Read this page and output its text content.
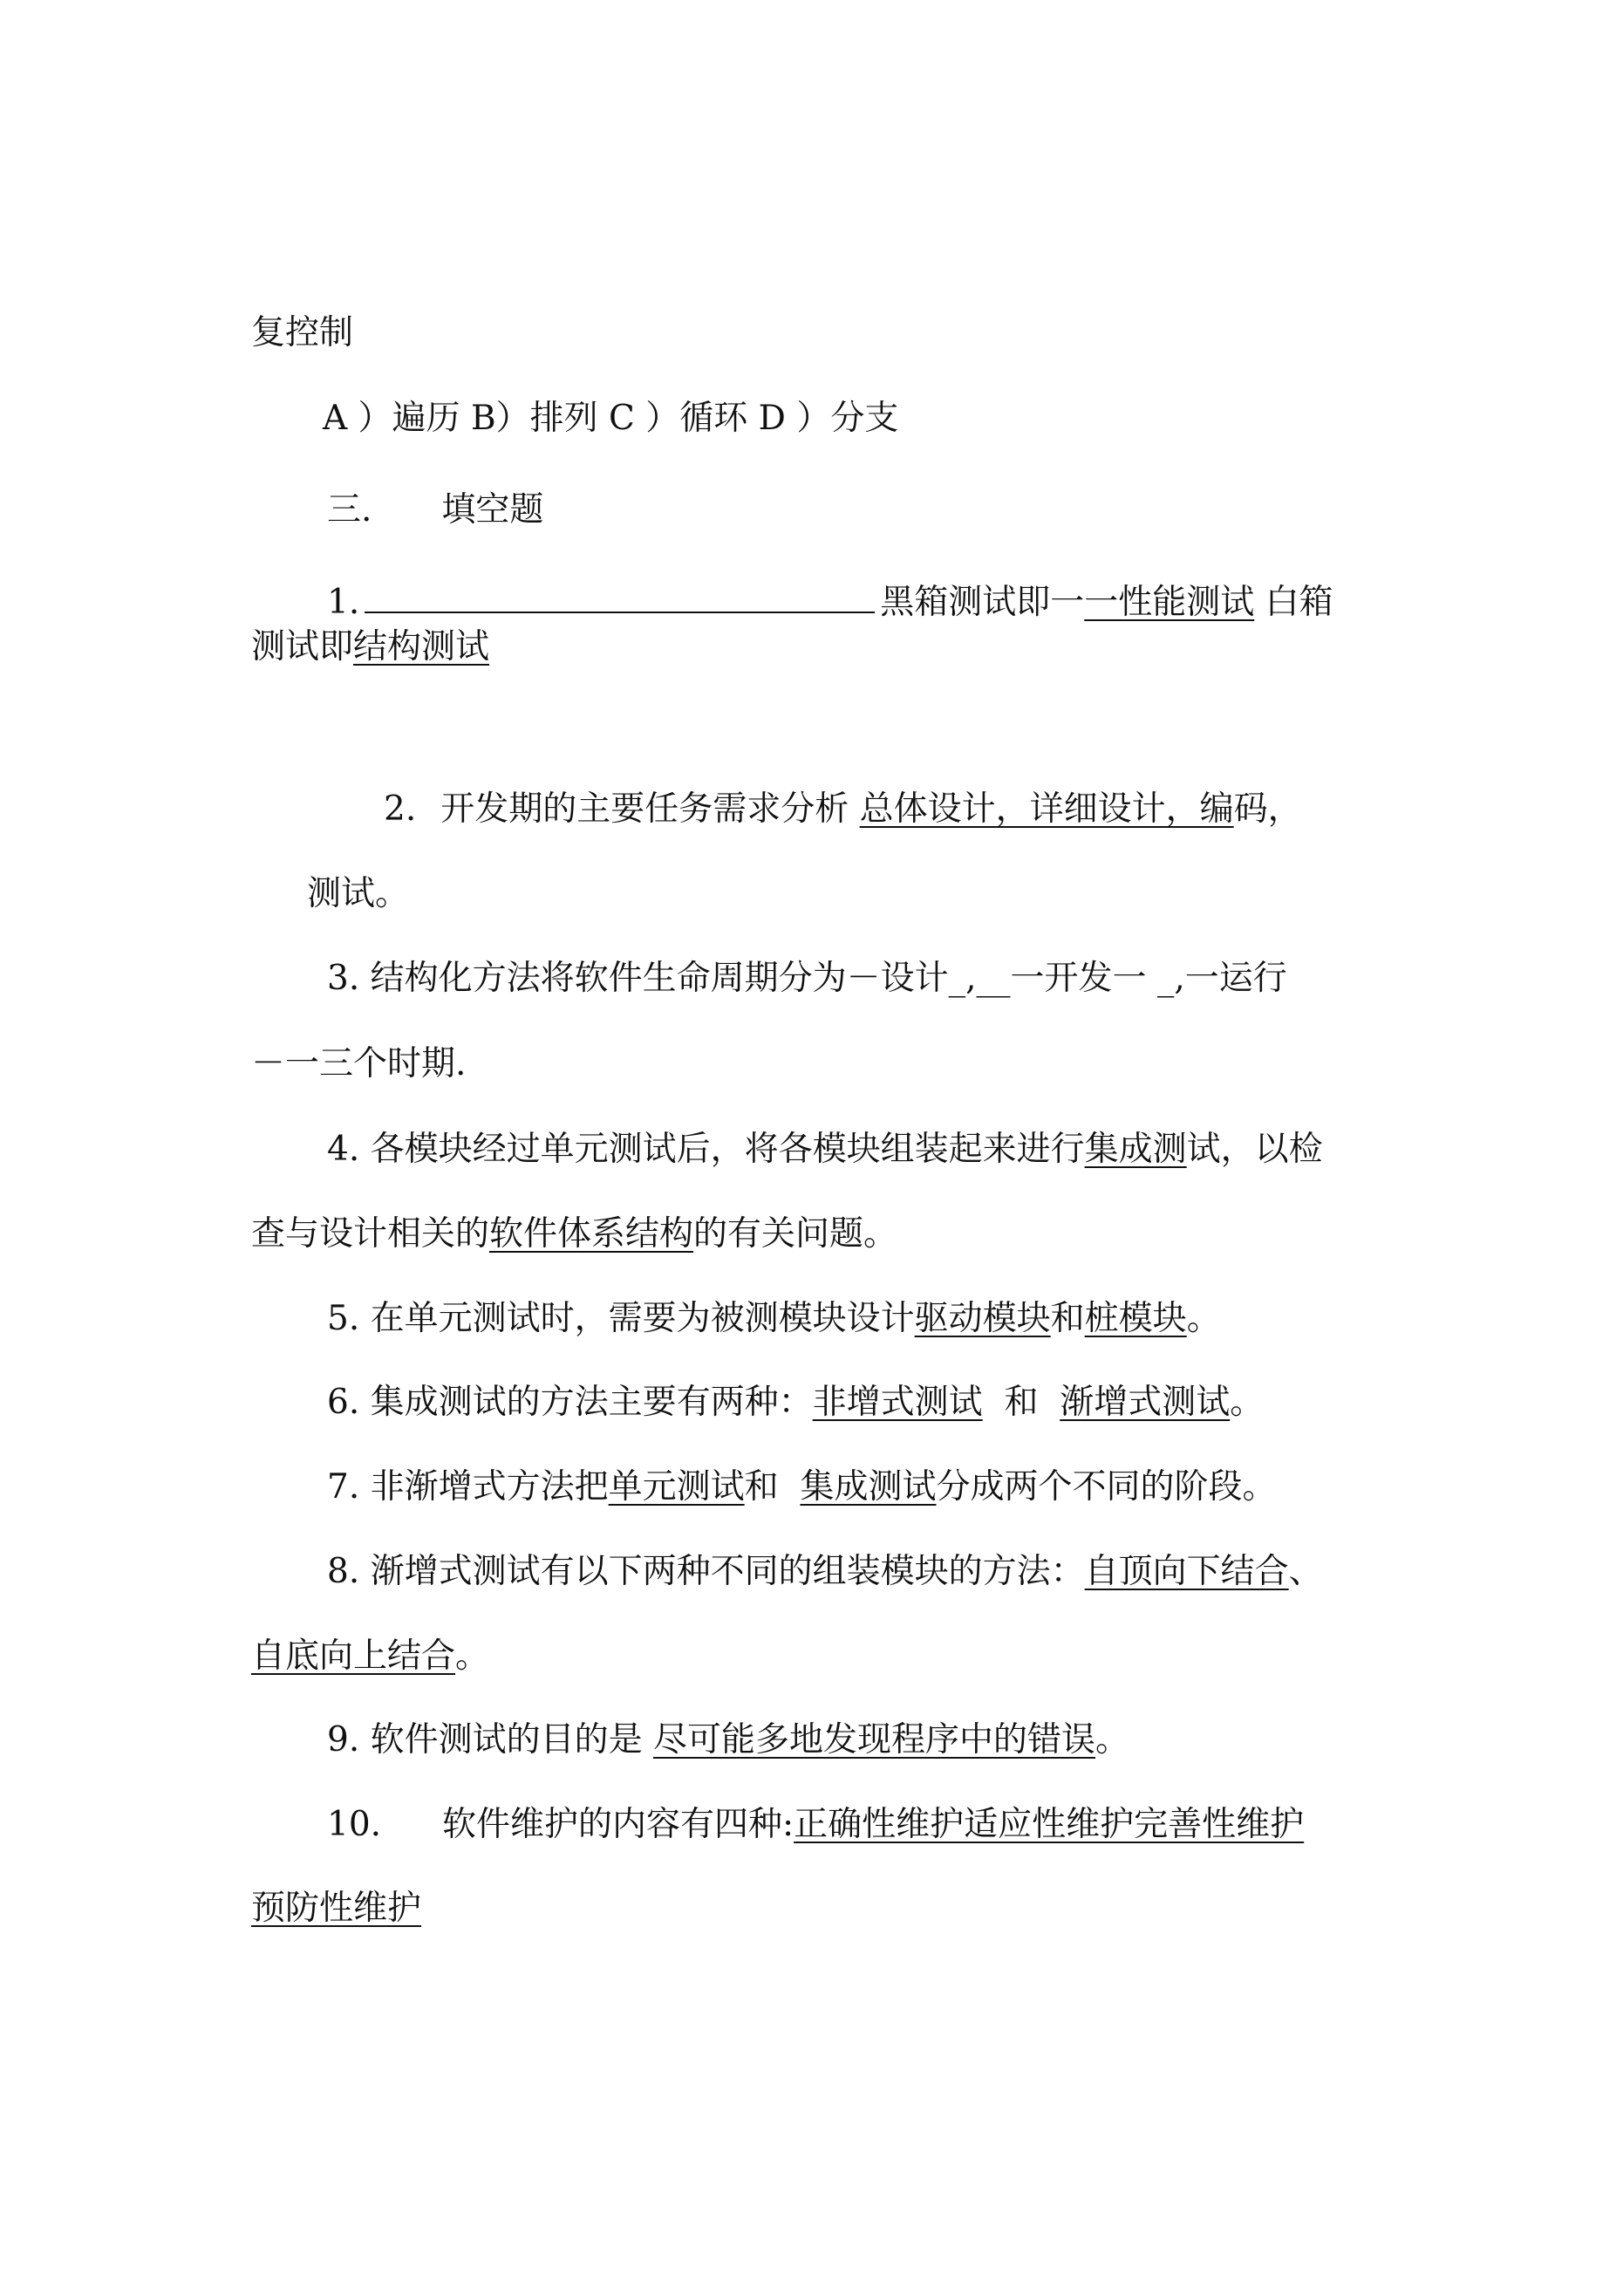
复控制
A ）遍历 B）排列 C ）循环 D ）分支
三. 填空题
1.	黑箱测试即一一性能测试 白箱
测试即结构测试
2. 开发期的主要任务需求分析 总体设计，详细设计，编码，
测试。
3. 结构化方法将软件生命周期分为－设计_,__一开发一 _,一运行
－一三个时期.
4. 各模块经过单元测试后，将各模块组装起来进行集成测试，以检
查与设计相关的软件体系结构的有关问题。
5. 在单元测试时，需要为被测模块设计驱动模块和桩模块。
6. 集成测试的方法主要有两种：非增式测试  和  渐增式测试。
7. 非渐增式方法把单元测试和  集成测试分成两个不同的阶段。
8. 渐增式测试有以下两种不同的组装模块的方法：自顶向下结合、
自底向上结合。
9. 软件测试的目的是 尽可能多地发现程序中的错误。
10. 软件维护的内容有四种:正确性维护适应性维护完善性维护
预防性维护
